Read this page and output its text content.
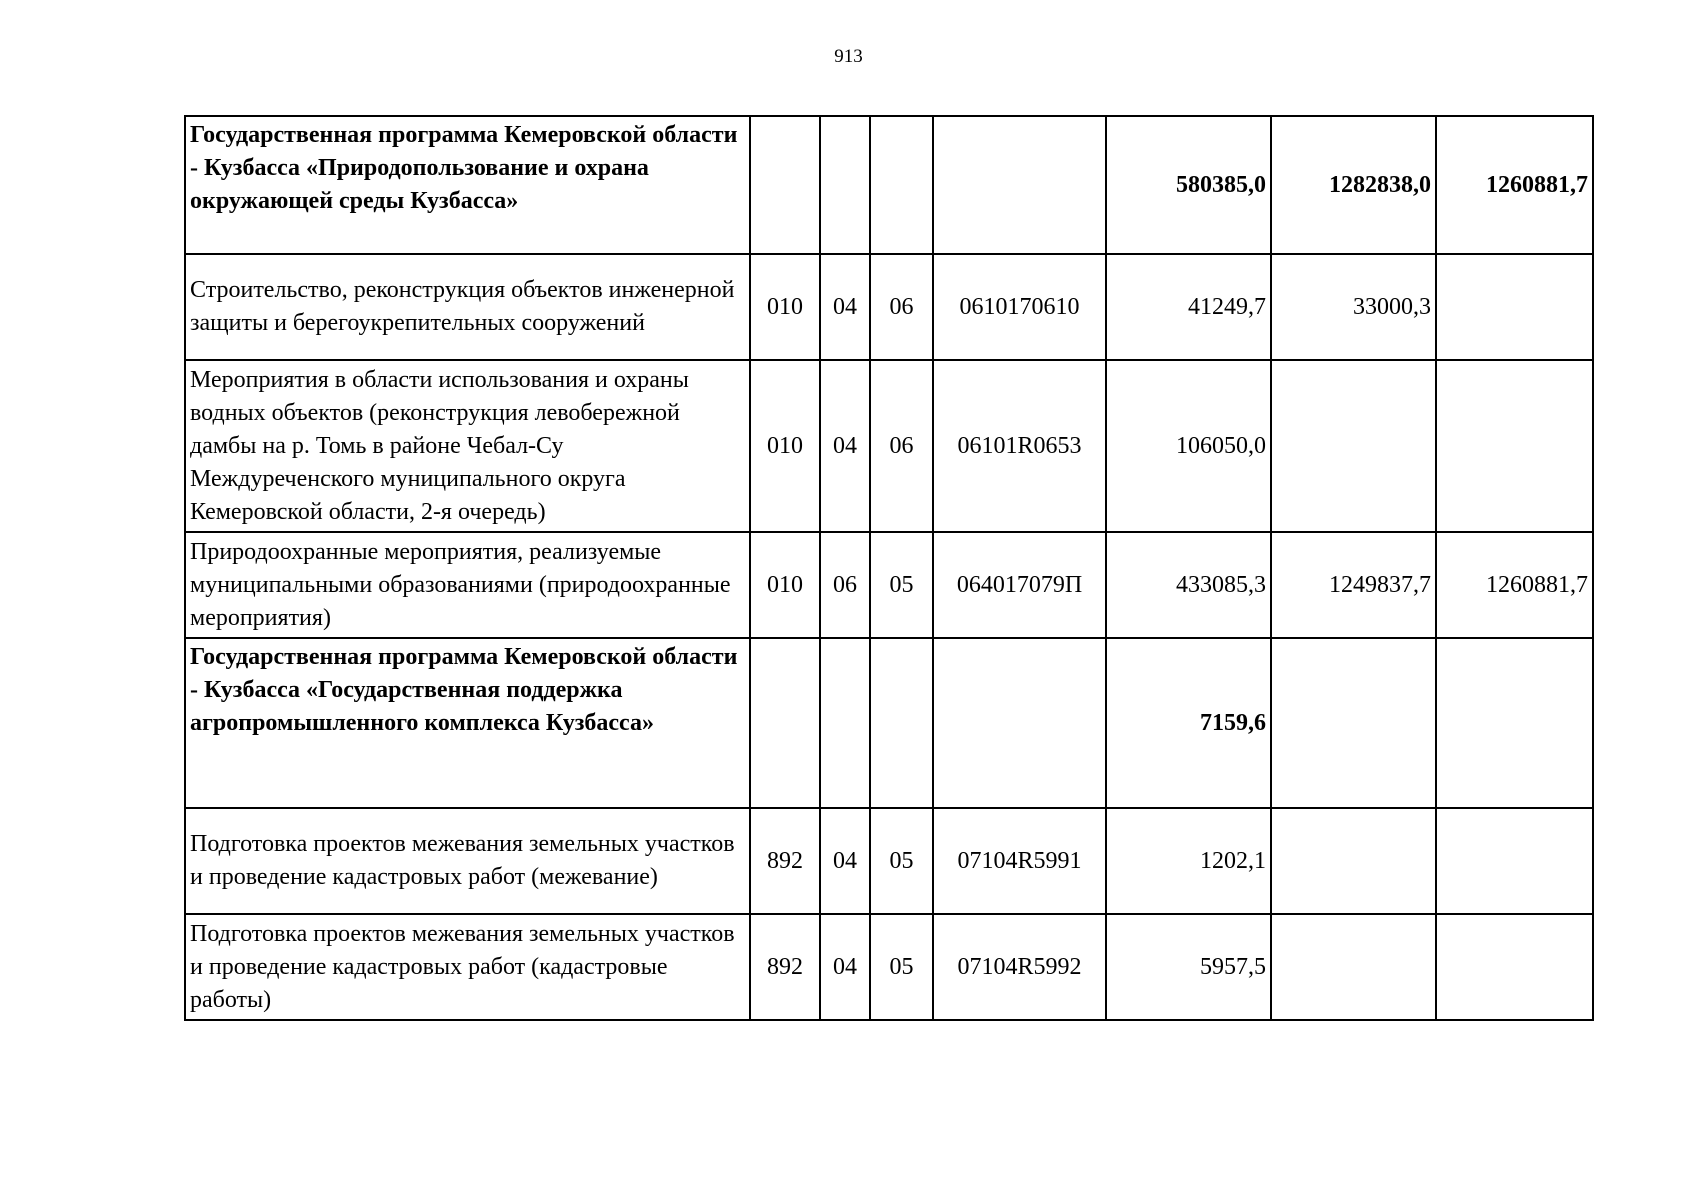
913
Государственная программа Кемеровской области - Кузбасса «Природопользование и охрана окружающей среды Кузбасса»					580385,0	1282838,0	1260881,7
Строительство, реконструкция объектов инженерной защиты и берегоукрепительных сооружений	010	04	06	0610170610	41249,7	33000,3	
Мероприятия в области использования и охраны водных объектов (реконструкция левобережной дамбы на р. Томь в районе Чебал-Су Междуреченского муниципального округа Кемеровской области, 2-я очередь)	010	04	06	06101R0653	106050,0		
Природоохранные мероприятия, реализуемые муниципальными образованиями (природоохранные мероприятия)	010	06	05	064017079П	433085,3	1249837,7	1260881,7
Государственная программа Кемеровской области - Кузбасса «Государственная поддержка агропромышленного комплекса Кузбасса»					7159,6		
Подготовка проектов межевания земельных участков и проведение кадастровых работ (межевание)	892	04	05	07104R5991	1202,1		
Подготовка проектов межевания земельных участков и проведение кадастровых работ (кадастровые работы)	892	04	05	07104R5992	5957,5		
